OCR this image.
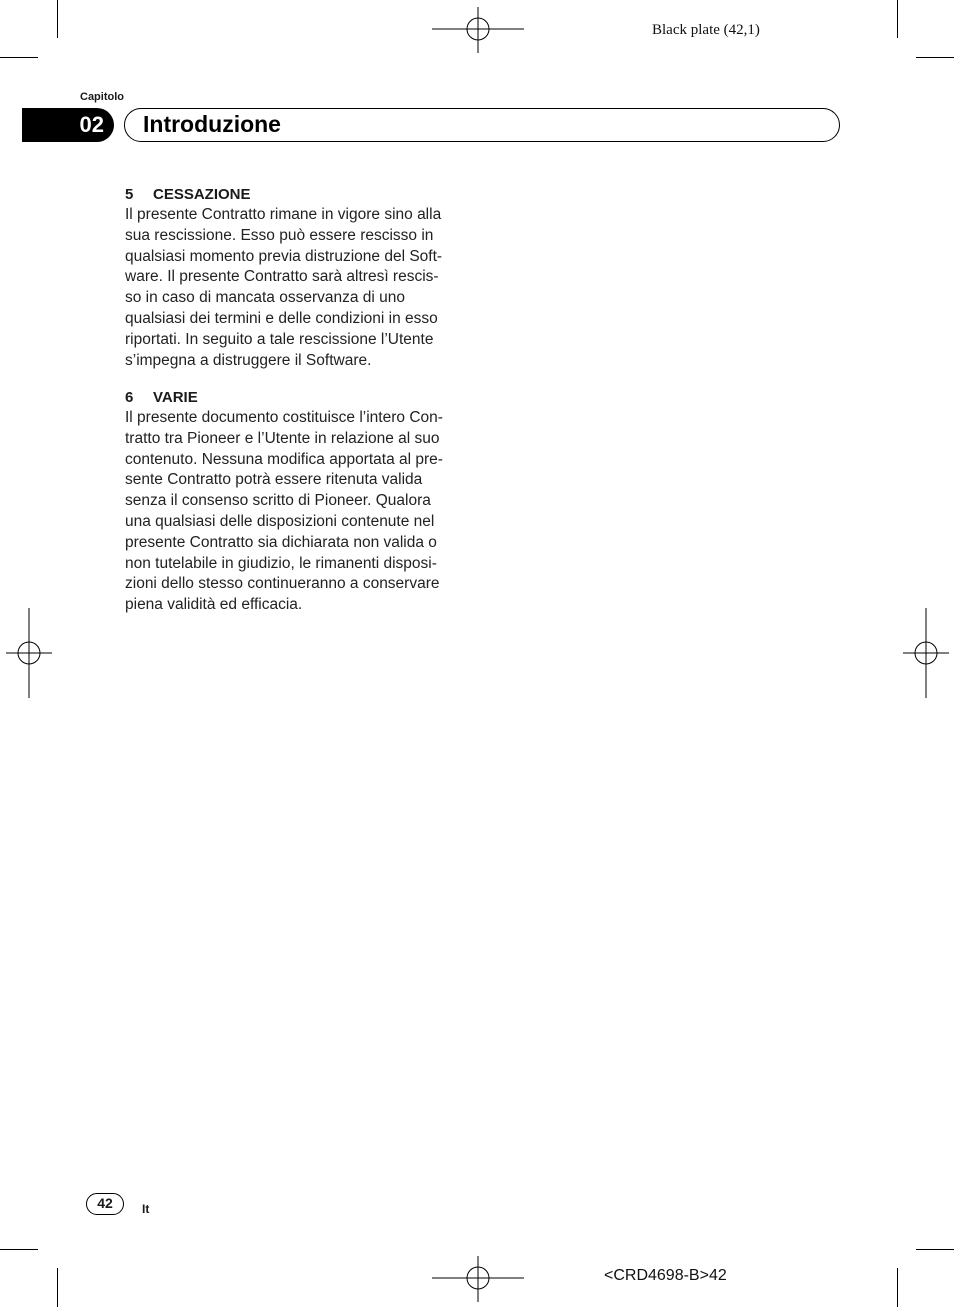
Black plate (42,1)
Capitolo
02	Introduzione
5 CESSAZIONE
Il presente Contratto rimane in vigore sino alla
sua rescissione. Esso può essere rescisso in
qualsiasi momento previa distruzione del Soft-
ware. Il presente Contratto sarà altresì rescis-
so in caso di mancata osservanza di uno
qualsiasi dei termini e delle condizioni in esso
riportati. In seguito a tale rescissione l’Utente
s’impegna a distruggere il Software.
6 VARIE
Il presente documento costituisce l’intero Con-
tratto tra Pioneer e l’Utente in relazione al suo
contenuto. Nessuna modifica apportata al pre-
sente Contratto potrà essere ritenuta valida
senza il consenso scritto di Pioneer. Qualora
una qualsiasi delle disposizioni contenute nel
presente Contratto sia dichiarata non valida o
non tutelabile in giudizio, le rimanenti disposi-
zioni dello stesso continueranno a conservare
piena validità ed efficacia.
42	It
<CRD4698-B>42
